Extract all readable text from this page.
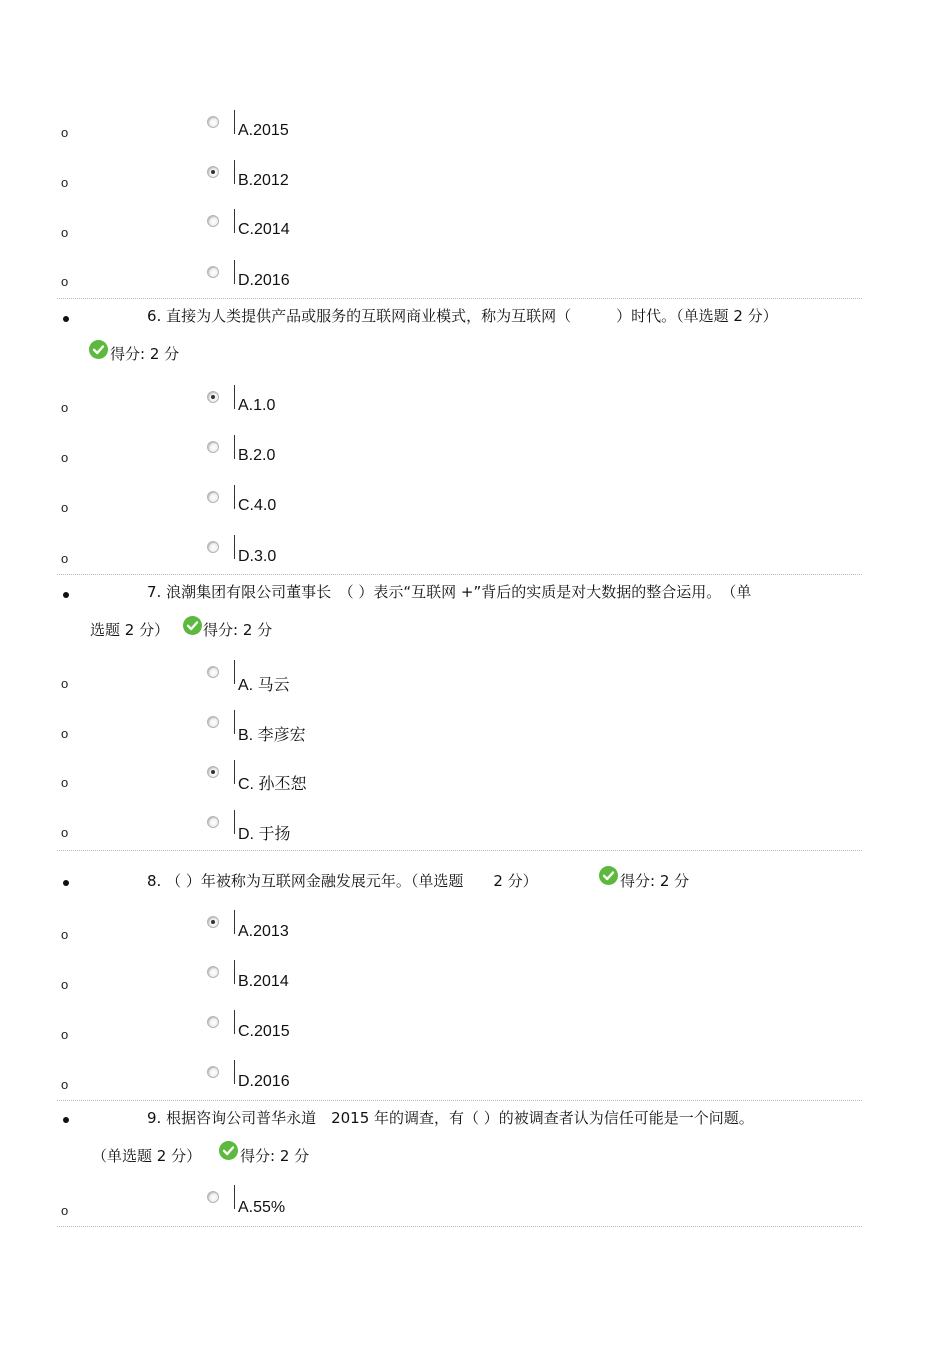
o	A.2015
o	B.2012
o	C.2014
o	D.2016
6. 直接为人类提供产品或服务的互联网商业模式，称为互联网（　　　）时代。（单选题 2 分）
得分: 2 分
o	A.1.0
o	B.2.0
o	C.4.0
o	D.3.0
7. 浪潮集团有限公司董事长　（ ）表示“互联网 +”背后的实质是对大数据的整合运用。　（单
选题 2 分） 得分: 2 分
o	A. 马云
o	B. 李彦宏
o	C. 孙丕恕
o	D. 于扬
8. （ ）年被称为互联网金融发展元年。（单选题　　2 分）	得分: 2 分
o	A.2013
o	B.2014
o	C.2015
o	D.2016
9. 根据咨询公司普华永道　2015 年的调查，有（ ）的被调查者认为信任可能是一个问题。
（单选题 2 分）	得分: 2 分
o	A.55%
